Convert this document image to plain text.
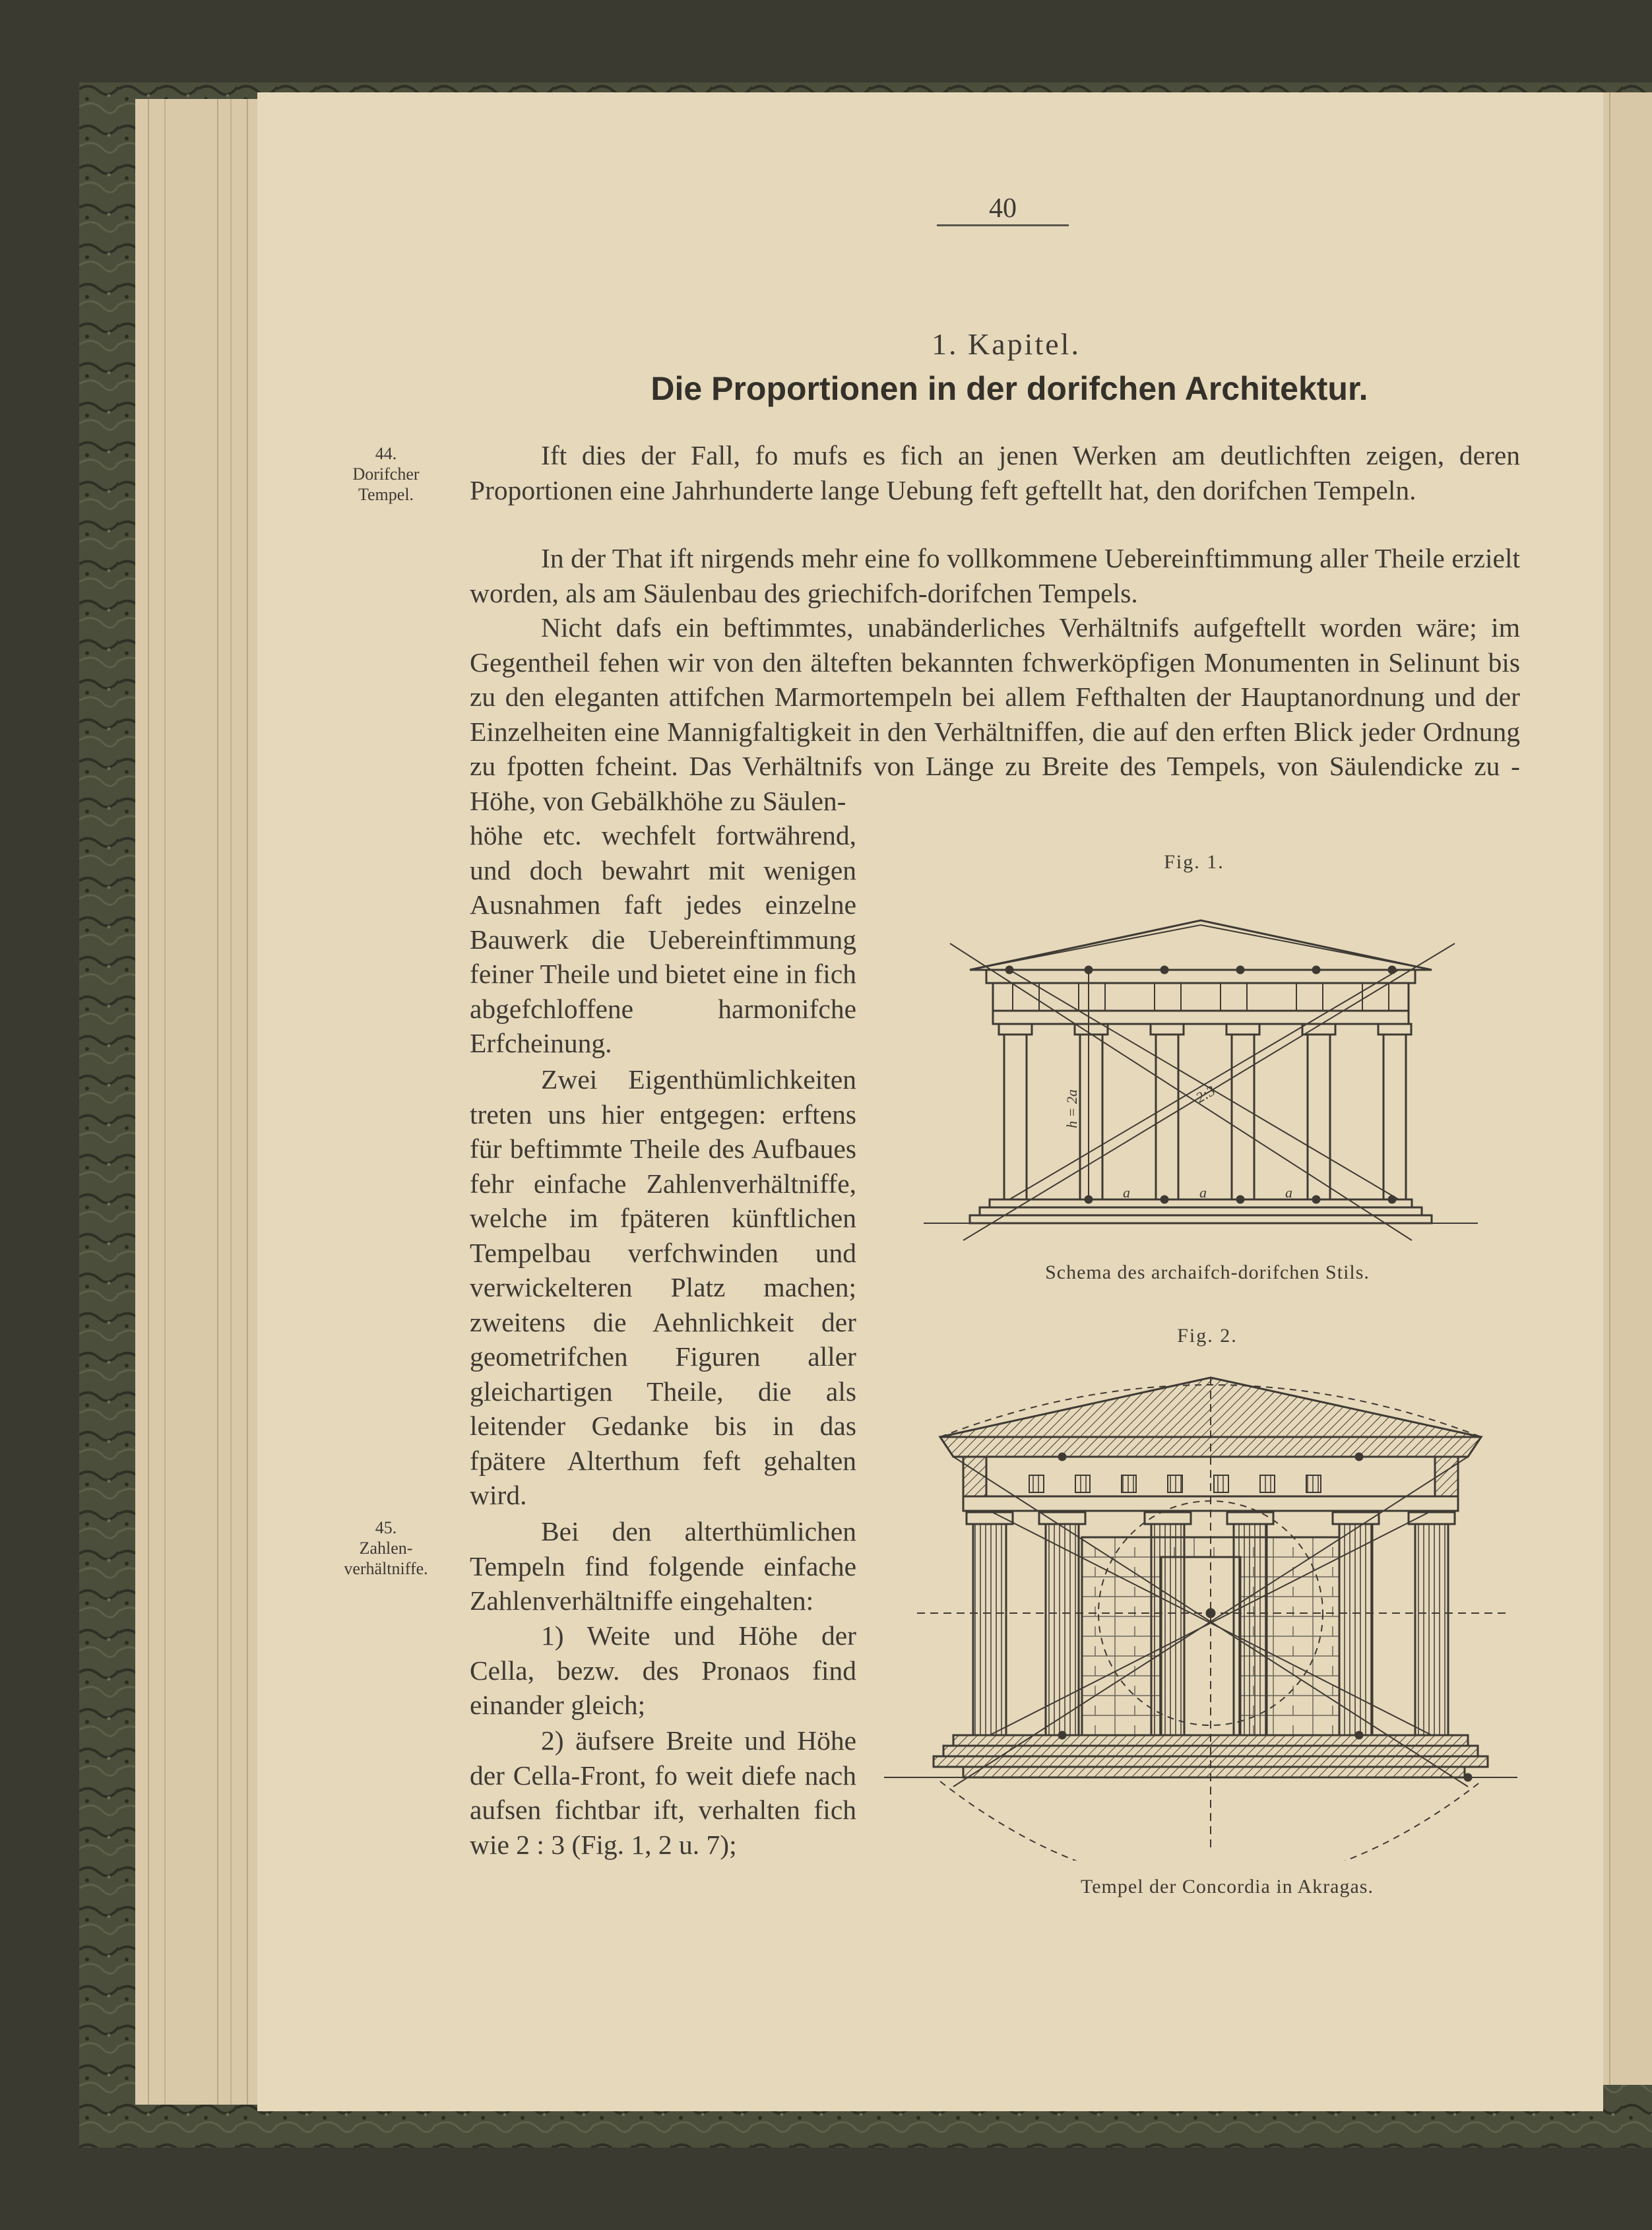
40
1. Kapitel.
Die Proportionen in der dorifchen Architektur.
44.
Dorifcher
Tempel.
45.
Zahlen-
verhältniffe.
Ift dies der Fall, fo mufs es fich an jenen Werken am deutlichften zeigen, deren Proportionen eine Jahrhunderte lange Uebung feft geftellt hat, den dorifchen Tempeln.
In der That ift nirgends mehr eine fo vollkommene Uebereinftimmung aller Theile erzielt worden, als am Säulenbau des griechifch-dorifchen Tempels.
Nicht dafs ein beftimmtes, unabänderliches Verhältnifs aufgeftellt worden wäre; im Gegentheil fehen wir von den älteften bekannten fchwerköpfigen Monumenten in Selinunt bis zu den eleganten attifchen Marmortempeln bei allem Fefthalten der Hauptanordnung und der Einzelheiten eine Mannigfaltigkeit in den Verhältniffen, die auf den erften Blick jeder Ordnung zu fpotten fcheint. Das Verhältnifs von Länge zu Breite des Tempels, von Säulendicke zu -Höhe, von Gebälkhöhe zu Säulen-
höhe etc. wechfelt fortwährend, und doch bewahrt mit wenigen Ausnahmen faft jedes einzelne Bauwerk die Uebereinftimmung feiner Theile und bietet eine in fich abgefchloffene harmonifche Erfcheinung.
Zwei Eigenthümlichkeiten treten uns hier entgegen: erftens für beftimmte Theile des Aufbaues fehr einfache Zahlenverhältniffe, welche im fpäteren künftlichen Tempelbau verfchwinden und verwickelteren Platz machen; zweitens die Aehnlichkeit der geometrifchen Figuren aller gleichartigen Theile, die als leitender Gedanke bis in das fpätere Alterthum feft gehalten wird.
Bei den alterthümlichen Tempeln find folgende einfache Zahlenverhältniffe eingehalten:
1) Weite und Höhe der Cella, bezw. des Pronaos find einander gleich;
2) äufsere Breite und Höhe der Cella-Front, fo weit diefe nach aufsen fichtbar ift, verhalten fich wie 2 : 3 (Fig. 1, 2 u. 7);
Fig. 1.
h = 2a	2:3
a	a	a
Schema des archaifch-dorifchen Stils.
Fig. 2.
Tempel der Concordia in Akragas.
